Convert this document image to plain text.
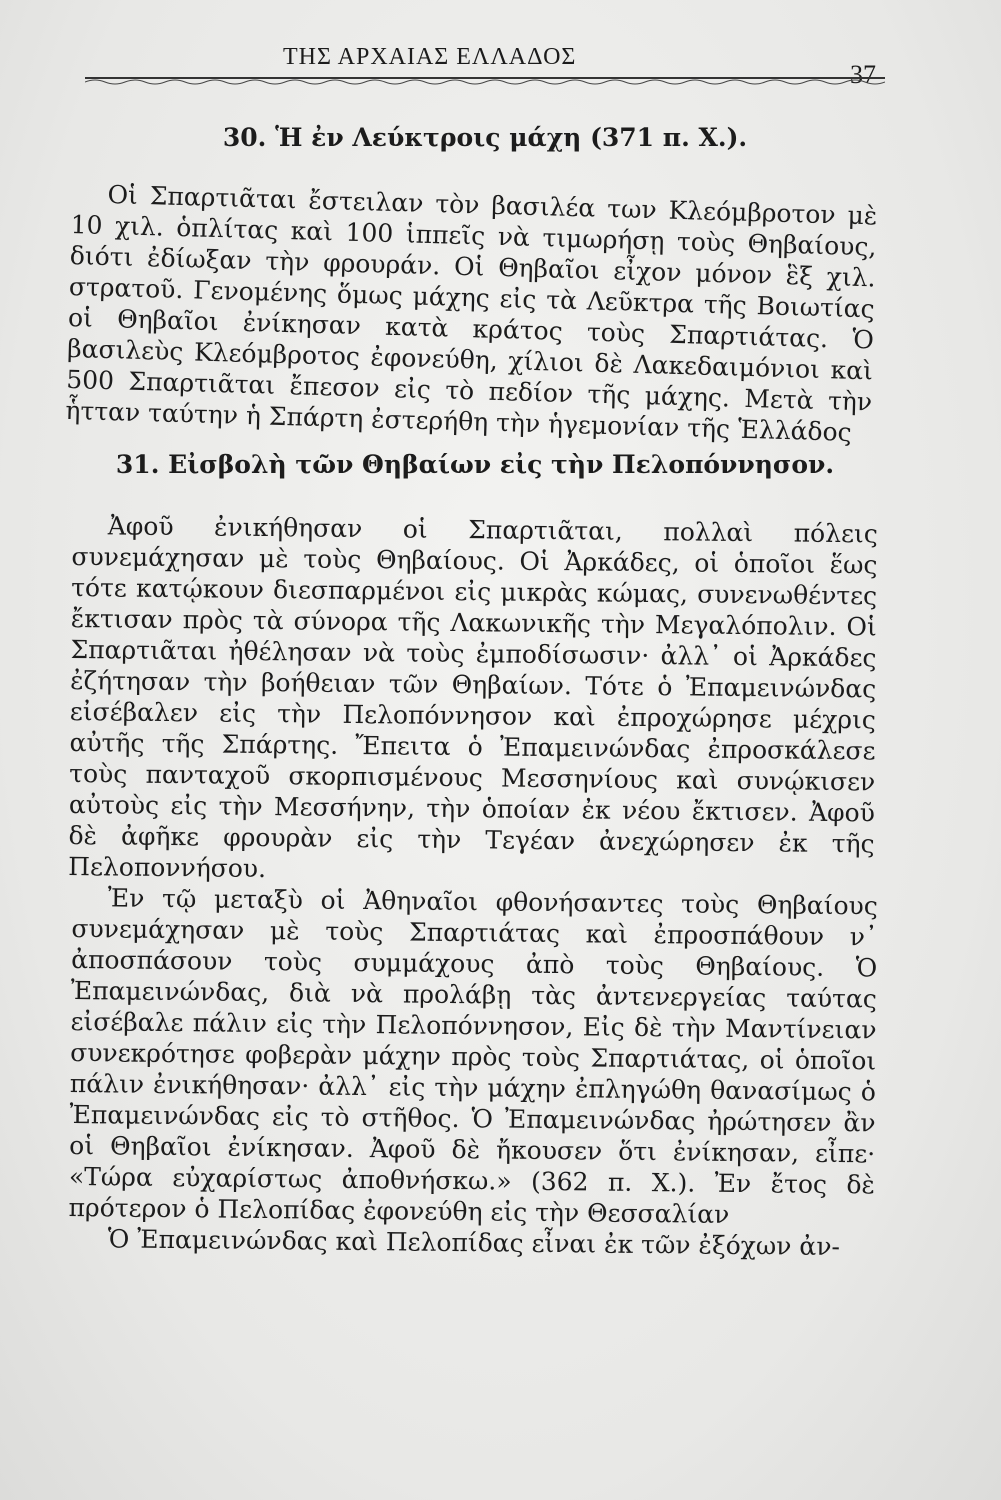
ΤΗΣ ΑΡΧΑΙΑΣ ΕΛΛΑΔΟΣ
37
30. Ἡ ἐν Λεύκτροις μάχη (371 π. Χ.).

Οἱ Σπαρτιᾶται ἔστειλαν τὸν βασιλέα των Κλεόμβροτον μὲ 10 χιλ. ὁπλίτας καὶ 100 ἱππεῖς νὰ τιμωρήσῃ τοὺς Θηβαίους, διότι ἐδίωξαν τὴν φρουράν. Οἱ Θηβαῖοι εἶχον μόνον ἓξ χιλ. στρατοῦ. Γενομένης ὅμως μάχης εἰς τὰ Λεῦκτρα τῆς Βοιωτίας οἱ Θηβαῖοι ἐνίκησαν κατὰ κράτος τοὺς Σπαρτιάτας. Ὁ βασιλεὺς Κλεόμβροτος ἐφονεύθη, χίλιοι δὲ Λακεδαιμόνιοι καὶ 500 Σπαρτιᾶται ἔπεσον εἰς τὸ πεδίον τῆς μάχης. Μετὰ τὴν ἧτταν ταύτην ἡ Σπάρτη ἐστερήθη τὴν ἡγεμονίαν τῆς Ἑλλάδος

31. Εἰσβολὴ τῶν Θηβαίων εἰς τὴν Πελοπόννησον.

Ἀφοῦ ἐνικήθησαν οἱ Σπαρτιᾶται, πολλαὶ πόλεις συνεμάχησαν μὲ τοὺς Θηβαίους. Οἱ Ἀρκάδες, οἱ ὁποῖοι ἕως τότε κατῴκουν διεσπαρμένοι εἰς μικρὰς κώμας, συνενωθέντες ἔκτισαν πρὸς τὰ σύνορα τῆς Λακωνικῆς τὴν Μεγαλόπολιν. Οἱ Σπαρτιᾶται ἠθέλησαν νὰ τοὺς ἐμποδίσωσιν· ἀλλ᾽ οἱ Ἀρκάδες ἐζήτησαν τὴν βοήθειαν τῶν Θηβαίων. Τότε ὁ Ἐπαμεινώνδας εἰσέβαλεν εἰς τὴν Πελοπόννησον καὶ ἐπροχώρησε μέχρις αὐτῆς τῆς Σπάρτης. Ἔπειτα ὁ Ἐπαμεινώνδας ἐπροσκάλεσε τοὺς πανταχοῦ σκορπισμένους Μεσσηνίους καὶ συνῴκισεν αὐτοὺς εἰς τὴν Μεσσήνην, τὴν ὁποίαν ἐκ νέου ἔκτισεν. Ἀφοῦ δὲ ἀφῆκε φρουρὰν εἰς τὴν Τεγέαν ἀνεχώρησεν ἐκ τῆς Πελοποννήσου.

Ἐν τῷ μεταξὺ οἱ Ἀθηναῖοι φθονήσαντες τοὺς Θηβαίους συνεμάχησαν μὲ τοὺς Σπαρτιάτας καὶ ἐπροσπάθουν ν᾽ ἀποσπάσουν τοὺς συμμάχους ἀπὸ τοὺς Θηβαίους. Ὁ Ἐπαμεινώνδας, διὰ νὰ προλάβῃ τὰς ἀντενεργείας ταύτας εἰσέβαλε πάλιν εἰς τὴν Πελοπόννησον, Εἰς δὲ τὴν Μαντίνειαν συνεκρότησε φοβερὰν μάχην πρὸς τοὺς Σπαρτιάτας, οἱ ὁποῖοι πάλιν ἐνικήθησαν· ἀλλ᾽ εἰς τὴν μάχην ἐπληγώθη θανασίμως ὁ Ἐπαμεινώνδας εἰς τὸ στῆθος. Ὁ Ἐπαμεινώνδας ἠρώτησεν ἂν οἱ Θηβαῖοι ἐνίκησαν. Ἀφοῦ δὲ ἤκουσεν ὅτι ἐνίκησαν, εἶπε· «Τώρα εὐχαρίστως ἀποθνήσκω.» (362 π. Χ.). Ἐν ἔτος δὲ πρότερον ὁ Πελοπίδας ἐφονεύθη εἰς τὴν Θεσσαλίαν

Ὁ Ἐπαμεινώνδας καὶ Πελοπίδας εἶναι ἐκ τῶν ἐξόχων ἀν-
